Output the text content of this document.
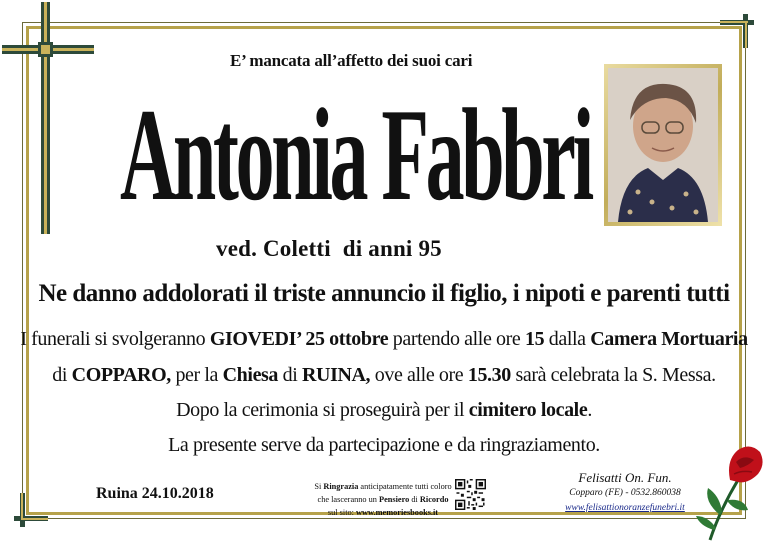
E’ mancata all’affetto dei suoi cari
Antonia Fabbri
ved. Coletti  di anni 95
Ne danno addolorati il triste annuncio il figlio, i nipoti e parenti tutti
I funerali si svolgeranno GIOVEDI’ 25 ottobre partendo alle ore 15 dalla Camera Mortuaria
di COPPARO, per la Chiesa di RUINA, ove alle ore 15.30 sarà celebrata la S. Messa.
Dopo la cerimonia si proseguirà per il cimitero locale.
La presente serve da partecipazione e da ringraziamento.
Ruina 24.10.2018	Si Ringrazia anticipatamente tutti coloro
che lasceranno un Pensiero di Ricordo
sul sito: www.memoriesbooks.it
Felisatti On. Fun.
Copparo (FE) - 0532.860038
www.felisattionoranzefunebri.it
